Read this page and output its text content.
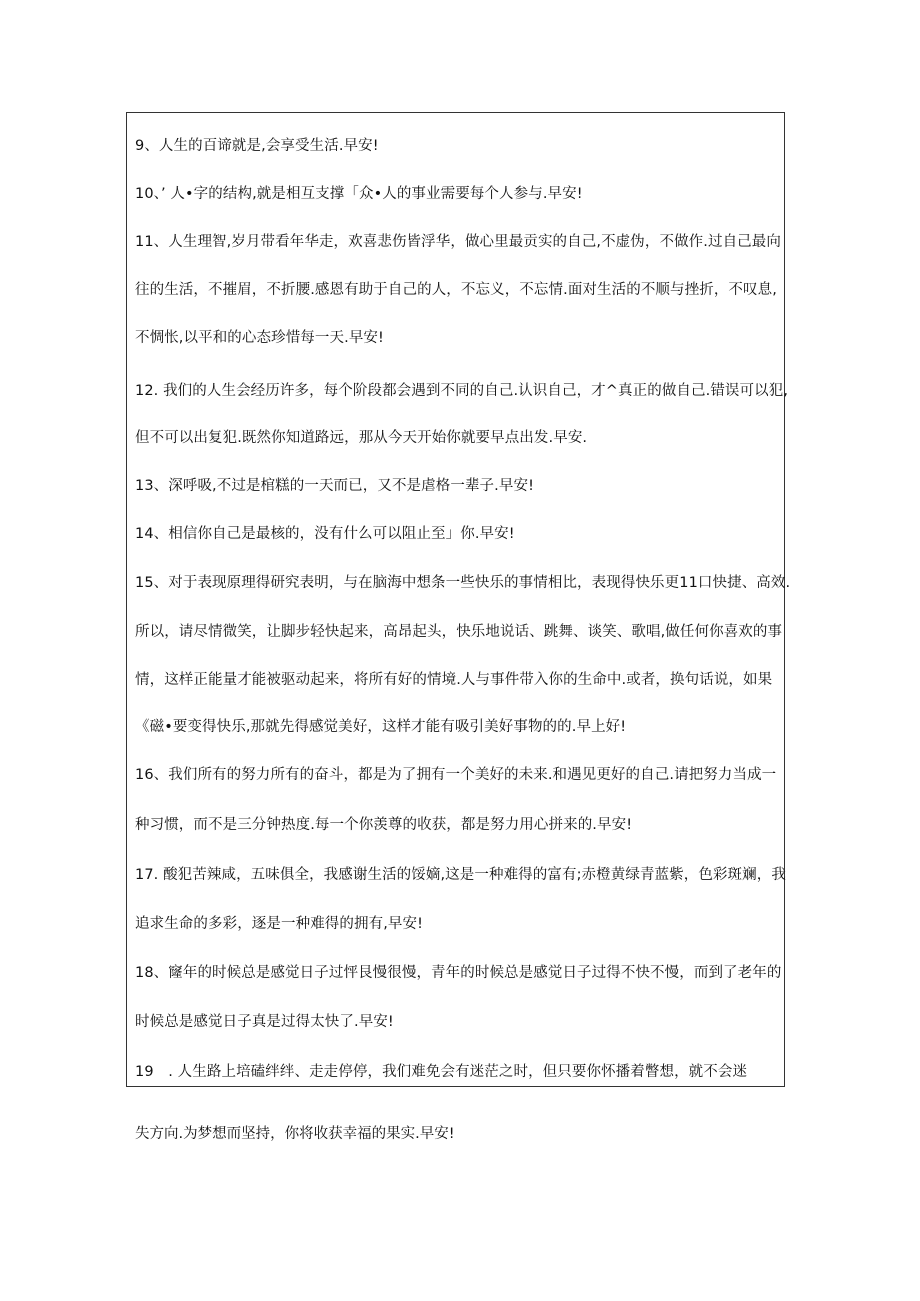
9、人生的百谛就是,会享受生活.早安!
10、’ 人•字的结构,就是相互支撑「众•人的事业需要每个人参与.早安!
11、人生理智,岁月带看年华走，欢喜悲伤皆浮华，做心里最贡实的自己,不虚伪，不做作.过自己最向
往的生活，不摧眉，不折腰.感恩有助于自己的人，不忘义，不忘情.面对生活的不顺与挫折，不叹息,
不惆怅,以平和的心态珍惜每一天.早安!
12. 我们的人生会经历许多，每个阶段都会遇到不同的自己.认识自己，才^真正的做自己.错误可以犯,
但不可以出复犯.既然你知道路远，那从今天开始你就要早点出发.早安.
13、深呼吸,不过是棺糕的一天而已，又不是虐格一辈子.早安!
14、相信你自己是最核的，没有什么可以阻止至」你.早安!
15、对于表现原理得研究表明，与在脑海中想条一些快乐的事情相比，表现得快乐更11口快捷、高效.
所以，请尽情微笑，让脚步轻快起来，高昂起头，快乐地说话、跳舞、谈笑、歌唱,做任何你喜欢的事
情，这样正能量才能被驱动起来，将所有好的情境.人与事件带入你的生命中.或者，换句话说，如果
《磁•要变得快乐,那就先得感觉美好，这样才能有吸引美好事物的的.早上好!
16、我们所有的努力所有的奋斗，都是为了拥有一个美好的未来.和遇见更好的自己.请把努力当成一
种习惯，而不是三分钟热度.每一个你羡尊的收获，都是努力用心拼来的.早安!
17. 酸犯苦辣咸，五味俱全，我感谢生活的馁嫡,这是一种难得的富有;赤橙黄绿青蓝紫，色彩斑斓，我
追求生命的多彩，逐是一种难得的拥有,早安!
18、窿年的时候总是感觉日子过怦艮慢很慢，青年的时候总是感觉日子过得不快不慢，而到了老年的
时候总是感觉日子真是过得太快了.早安!
19　. 人生路上培磕绊绊、走走停停，我们难免会有迷茫之时，但只要你怀播着瞥想，就不会迷
失方向.为梦想而坚持，你将收获幸福的果实.早安!
